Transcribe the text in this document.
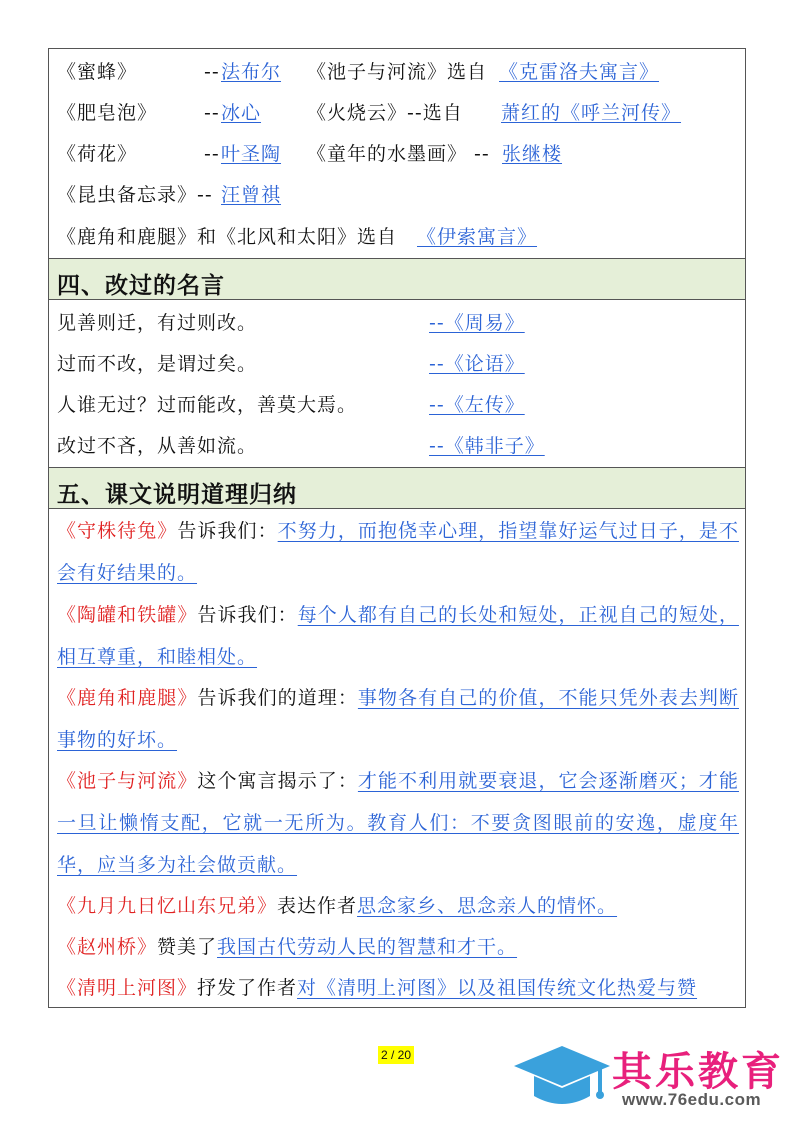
《蜜蜂》	-- 法布尔 《池子与河流》选自 《克雷洛夫寓言》
《肥皂泡》 -- 冰心 《火烧云》--选自 萧红的《呼兰河传》
《荷花》	-- 叶圣陶 《童年的水墨画》 -- 张继楼
《昆虫备忘录》-- 汪曾祺
《鹿角和鹿腿》和《北风和太阳》选自 《伊索寓言》
四、改过的名言
见善则迁，有过则改。	--《周易》
过而不改，是谓过矣。	--《论语》
人谁无过？过而能改，善莫大焉。	--《左传》
改过不吝，从善如流。	--《韩非子》
五、课文说明道理归纳
《守株待兔》告诉我们：不努力，而抱侥幸心理，指望靠好运气过日子，是不会有好结果的。
《陶罐和铁罐》告诉我们：每个人都有自己的长处和短处，正视自己的短处，相互尊重，和睦相处。
《鹿角和鹿腿》告诉我们的道理：事物各有自己的价值，不能只凭外表去判断事物的好坏。
《池子与河流》这个寓言揭示了：才能不利用就要衰退，它会逐渐磨灭；才能一旦让懒惰支配，它就一无所为。教育人们：不要贪图眼前的安逸，虚度年华，应当多为社会做贡献。
《九月九日忆山东兄弟》表达作者思念家乡、思念亲人的情怀。
《赵州桥》赞美了我国古代劳动人民的智慧和才干。
《清明上河图》抒发了作者对《清明上河图》以及祖国传统文化热爱与赞
2 / 20	其乐教育
www.76edu.com
